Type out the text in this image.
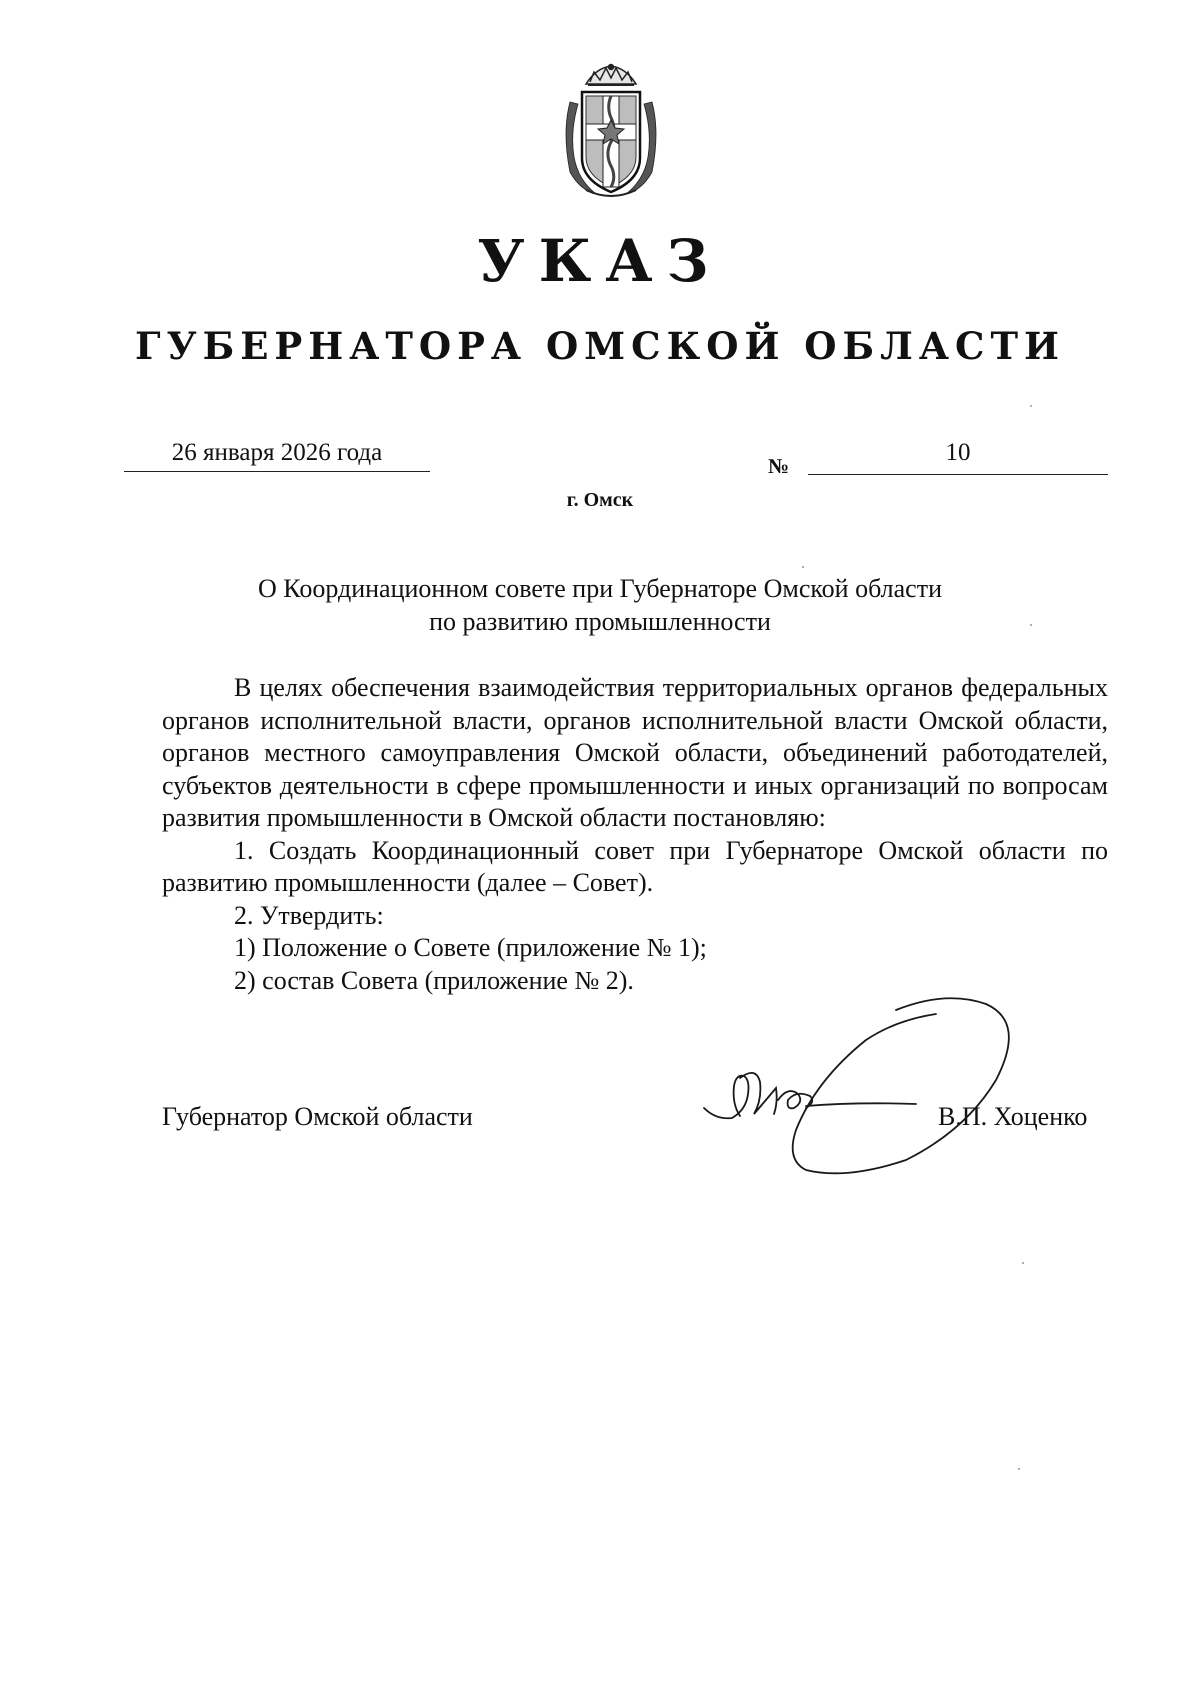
УКАЗ
ГУБЕРНАТОРА ОМСКОЙ ОБЛАСТИ
26 января 2026 года	№	10
г. Омск
О Координационном совете при Губернаторе Омской области
по развитию промышленности

В целях обеспечения взаимодействия территориальных органов федеральных органов исполнительной власти, органов исполнительной власти Омской области, органов местного самоуправления Омской области, объединений работодателей, субъектов деятельности в сфере промышленности и иных организаций по вопросам развития промышленности в Омской области постановляю:

1. Создать Координационный совет при Губернаторе Омской области по развитию промышленности (далее – Совет).

2. Утвердить:

1) Положение о Совете (приложение № 1);

2) состав Совета (приложение № 2).

Губернатор Омской области	В.П. Хоценко
